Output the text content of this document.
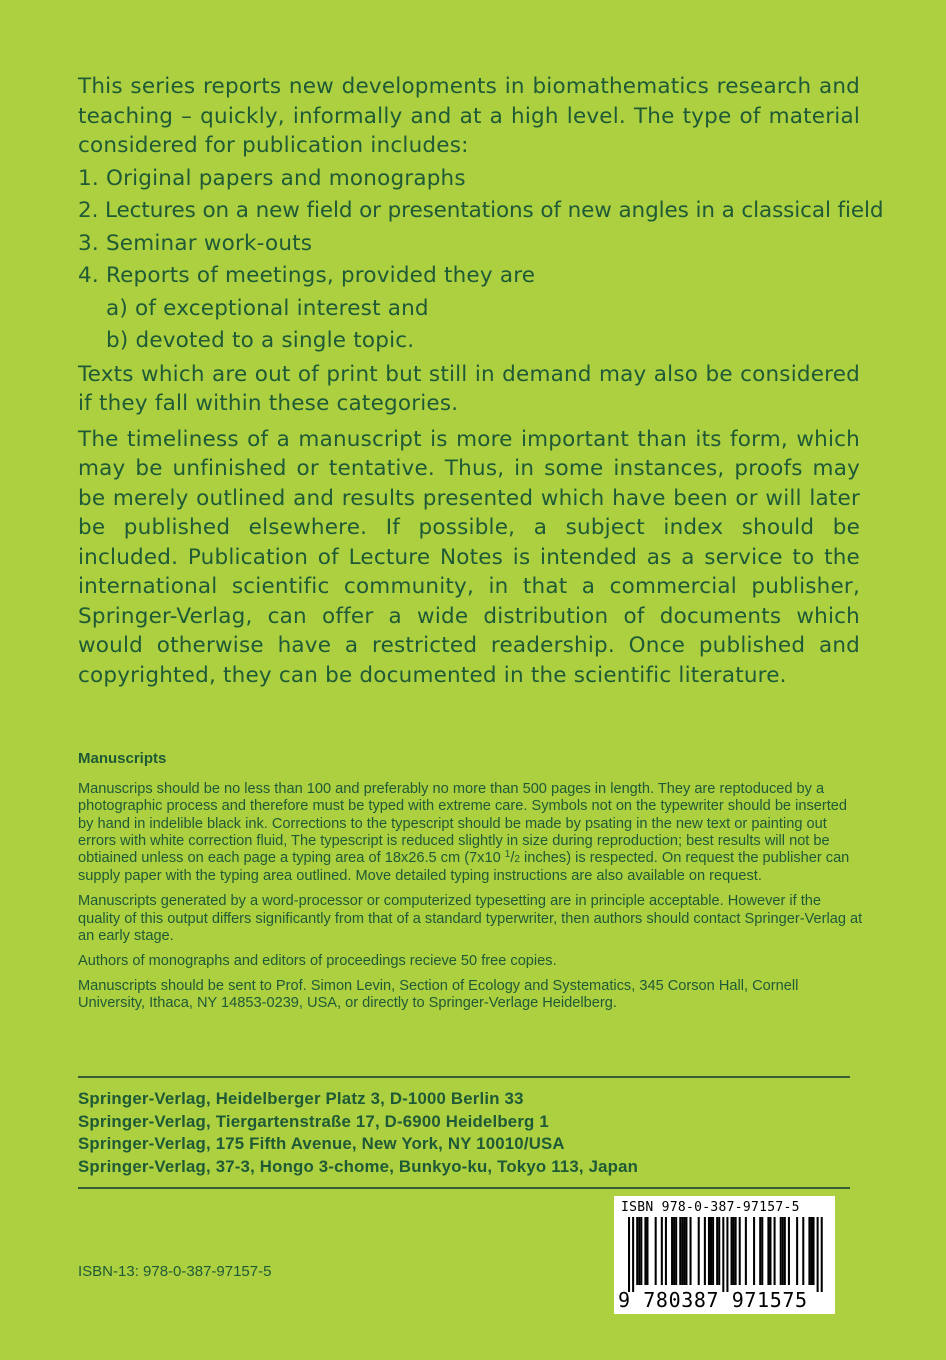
This series reports new developments in biomathematics research and teaching – quickly, informally and at a high level. The type of material considered for publication includes:

1. Original papers and monographs

2. Lectures on a new field or presentations of new angles in a classical field

3. Seminar work-outs

4. Reports of meetings, provided they are

a) of exceptional interest and

b) devoted to a single topic.

Texts which are out of print but still in demand may also be considered if they fall within these categories.

The timeliness of a manuscript is more important than its form, which may be unfinished or tentative. Thus, in some instances, proofs may be merely outlined and results presented which have been or will later be published elsewhere. If possible, a subject index should be included. Publication of Lecture Notes is intended as a service to the international scientific community, in that a commercial publisher, Springer-Verlag, can offer a wide distribution of documents which would otherwise have a restricted readership. Once published and copyrighted, they can be documented in the scientific literature.

Manuscripts

Manuscrips should be no less than 100 and preferably no more than 500 pages in length. They are reptoduced by a photographic process and therefore must be typed with extreme care. Symbols not on the typewriter should be inserted by hand in indelible black ink. Corrections to the typescript should be made by psating in the new text or painting out errors with white correction fluid, The typescript is reduced slightly in size during reproduction; best results will not be obtiained unless on each page a typing area of 18x26.5 cm (7x10 $^1$/2 inches) is respected. On request the publisher can supply paper with the typing area outlined. Move detailed typing instructions are also available on request.

Manuscripts generated by a word-processor or computerized typesetting are in principle acceptable. However if the quality of this output differs significantly from that of a standard typerwriter, then authors should contact Springer-Verlag at an early stage.

Authors of monographs and editors of proceedings recieve 50 free copies.

Manuscripts should be sent to Prof. Simon Levin, Section of Ecology and Systematics, 345 Corson Hall, Cornell University, Ithaca, NY 14853-0239, USA, or directly to Springer-Verlage Heidelberg.

Springer-Verlag, Heidelberger Platz 3, D-1000 Berlin 33
Springer-Verlag, Tiergartenstraße 17, D-6900 Heidelberg 1
Springer-Verlag, 175 Fifth Avenue, New York, NY 10010/USA
Springer-Verlag, 37-3, Hongo 3-chome, Bunkyo-ku, Tokyo 113, Japan
ISBN-13: 978-0-387-97157-5
ISBN 978-0-387-97157-5
9 780387 971575
